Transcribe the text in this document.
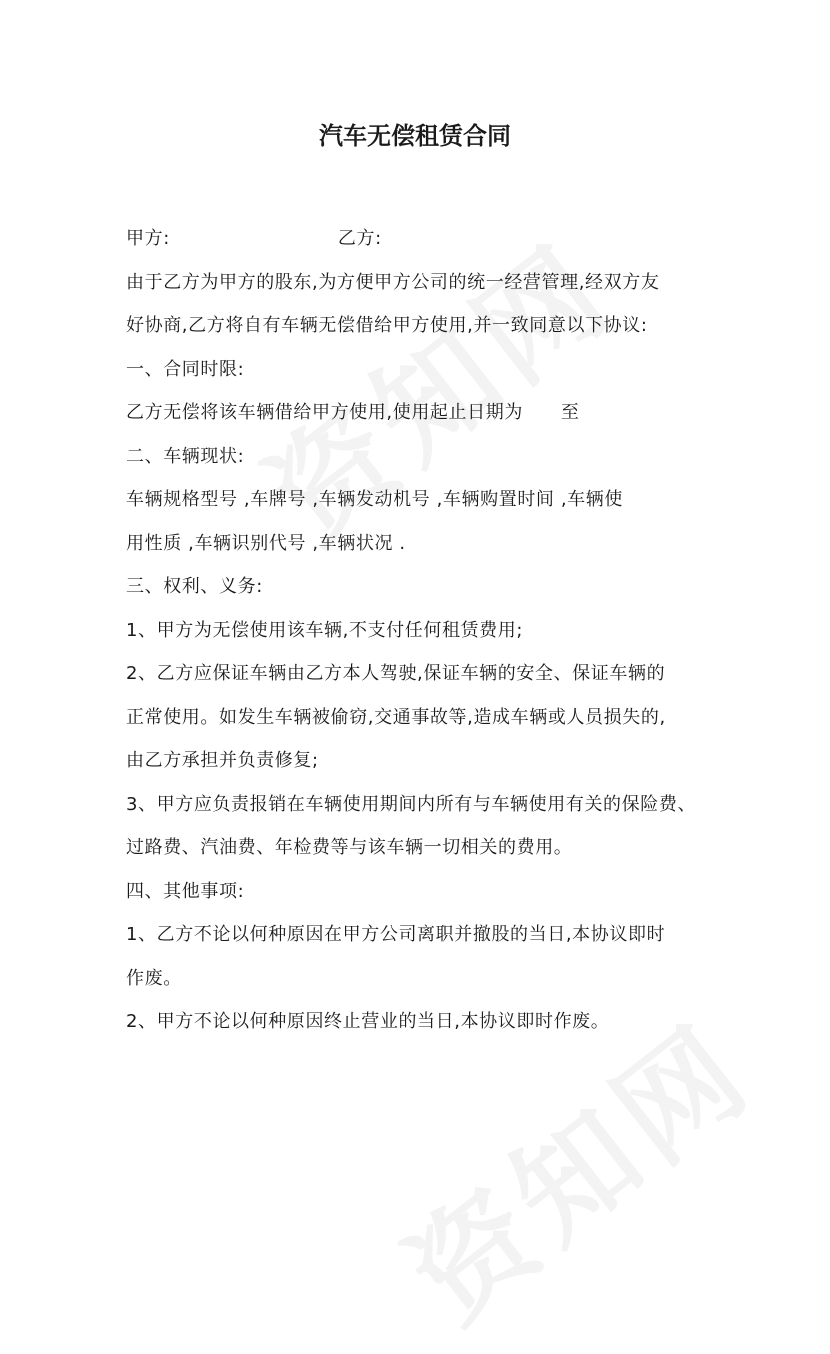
汽车无偿租赁合同
甲方:	乙方:
由于乙方为甲方的股东,为方便甲方公司的统一经营管理,经双方友
好协商,乙方将自有车辆无偿借给甲方使用,并一致同意以下协议:
一、合同时限:
乙方无偿将该车辆借给甲方使用,使用起止日期为      至
二、车辆现状:
车辆规格型号 ,车牌号 ,车辆发动机号 ,车辆购置时间 ,车辆使
用性质 ,车辆识别代号 ,车辆状况 .
三、权利、义务:
1、甲方为无偿使用该车辆,不支付任何租赁费用;
2、乙方应保证车辆由乙方本人驾驶,保证车辆的安全、保证车辆的
正常使用。如发生车辆被偷窃,交通事故等,造成车辆或人员损失的,
由乙方承担并负责修复;
3、甲方应负责报销在车辆使用期间内所有与车辆使用有关的保险费、
过路费、汽油费、年检费等与该车辆一切相关的费用。
四、其他事项:
1、乙方不论以何种原因在甲方公司离职并撤股的当日,本协议即时
作废。
2、甲方不论以何种原因终止营业的当日,本协议即时作废。
